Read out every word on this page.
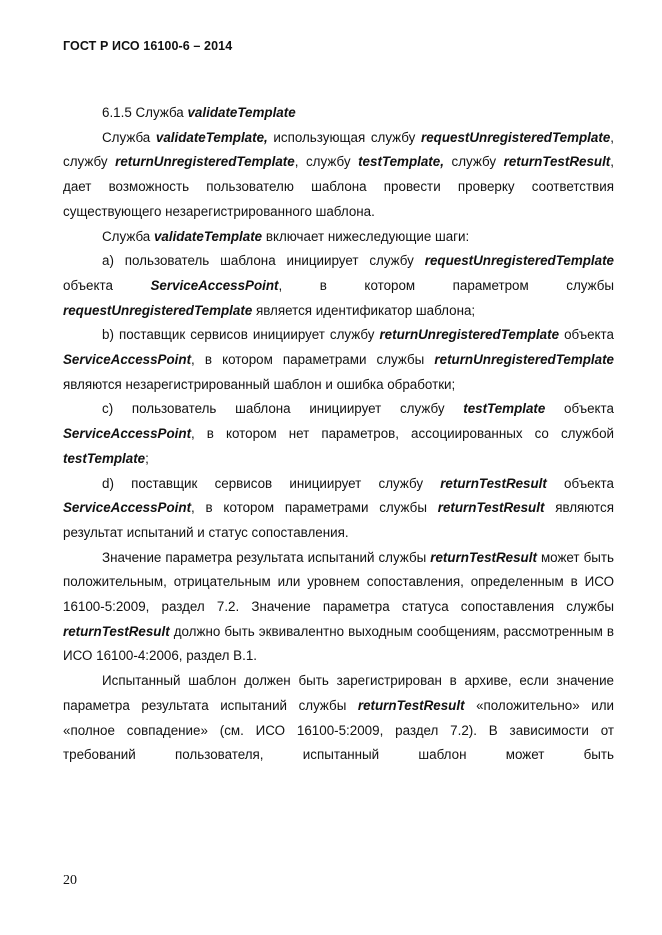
ГОСТ Р ИСО 16100-6 – 2014

6.1.5 Служба validateTemplate

Служба validateTemplate, использующая службу requestUnregisteredTemplate, службу returnUnregisteredTemplate, службу testTemplate, службу returnTestResult, дает возможность пользователю шаблона провести проверку соответствия существующего незарегистрированного шаблона.

Служба validateTemplate включает нижеследующие шаги:

a) пользователь шаблона инициирует службу requestUnregisteredTemplate объекта ServiceAccessPoint, в котором параметром службы requestUnregisteredTemplate является идентификатор шаблона;

b) поставщик сервисов инициирует службу returnUnregisteredTemplate объекта ServiceAccessPoint, в котором параметрами службы returnUnregisteredTemplate являются незарегистрированный шаблон и ошибка обработки;

c) пользователь шаблона инициирует службу testTemplate объекта ServiceAccessPoint, в котором нет параметров, ассоциированных со службой testTemplate;

d) поставщик сервисов инициирует службу returnTestResult объекта ServiceAccessPoint, в котором параметрами службы returnTestResult являются результат испытаний и статус сопоставления.

Значение параметра результата испытаний службы returnTestResult может быть положительным, отрицательным или уровнем сопоставления, определенным в ИСО 16100-5:2009, раздел 7.2. Значение параметра статуса сопоставления службы returnTestResult должно быть эквивалентно выходным сообщениям, рассмотренным в ИСО 16100-4:2006, раздел B.1.

Испытанный шаблон должен быть зарегистрирован в архиве, если значение параметра результата испытаний службы returnTestResult «положительно» или «полное совпадение» (см. ИСО 16100-5:2009, раздел 7.2). В зависимости от требований пользователя, испытанный шаблон может быть

20
